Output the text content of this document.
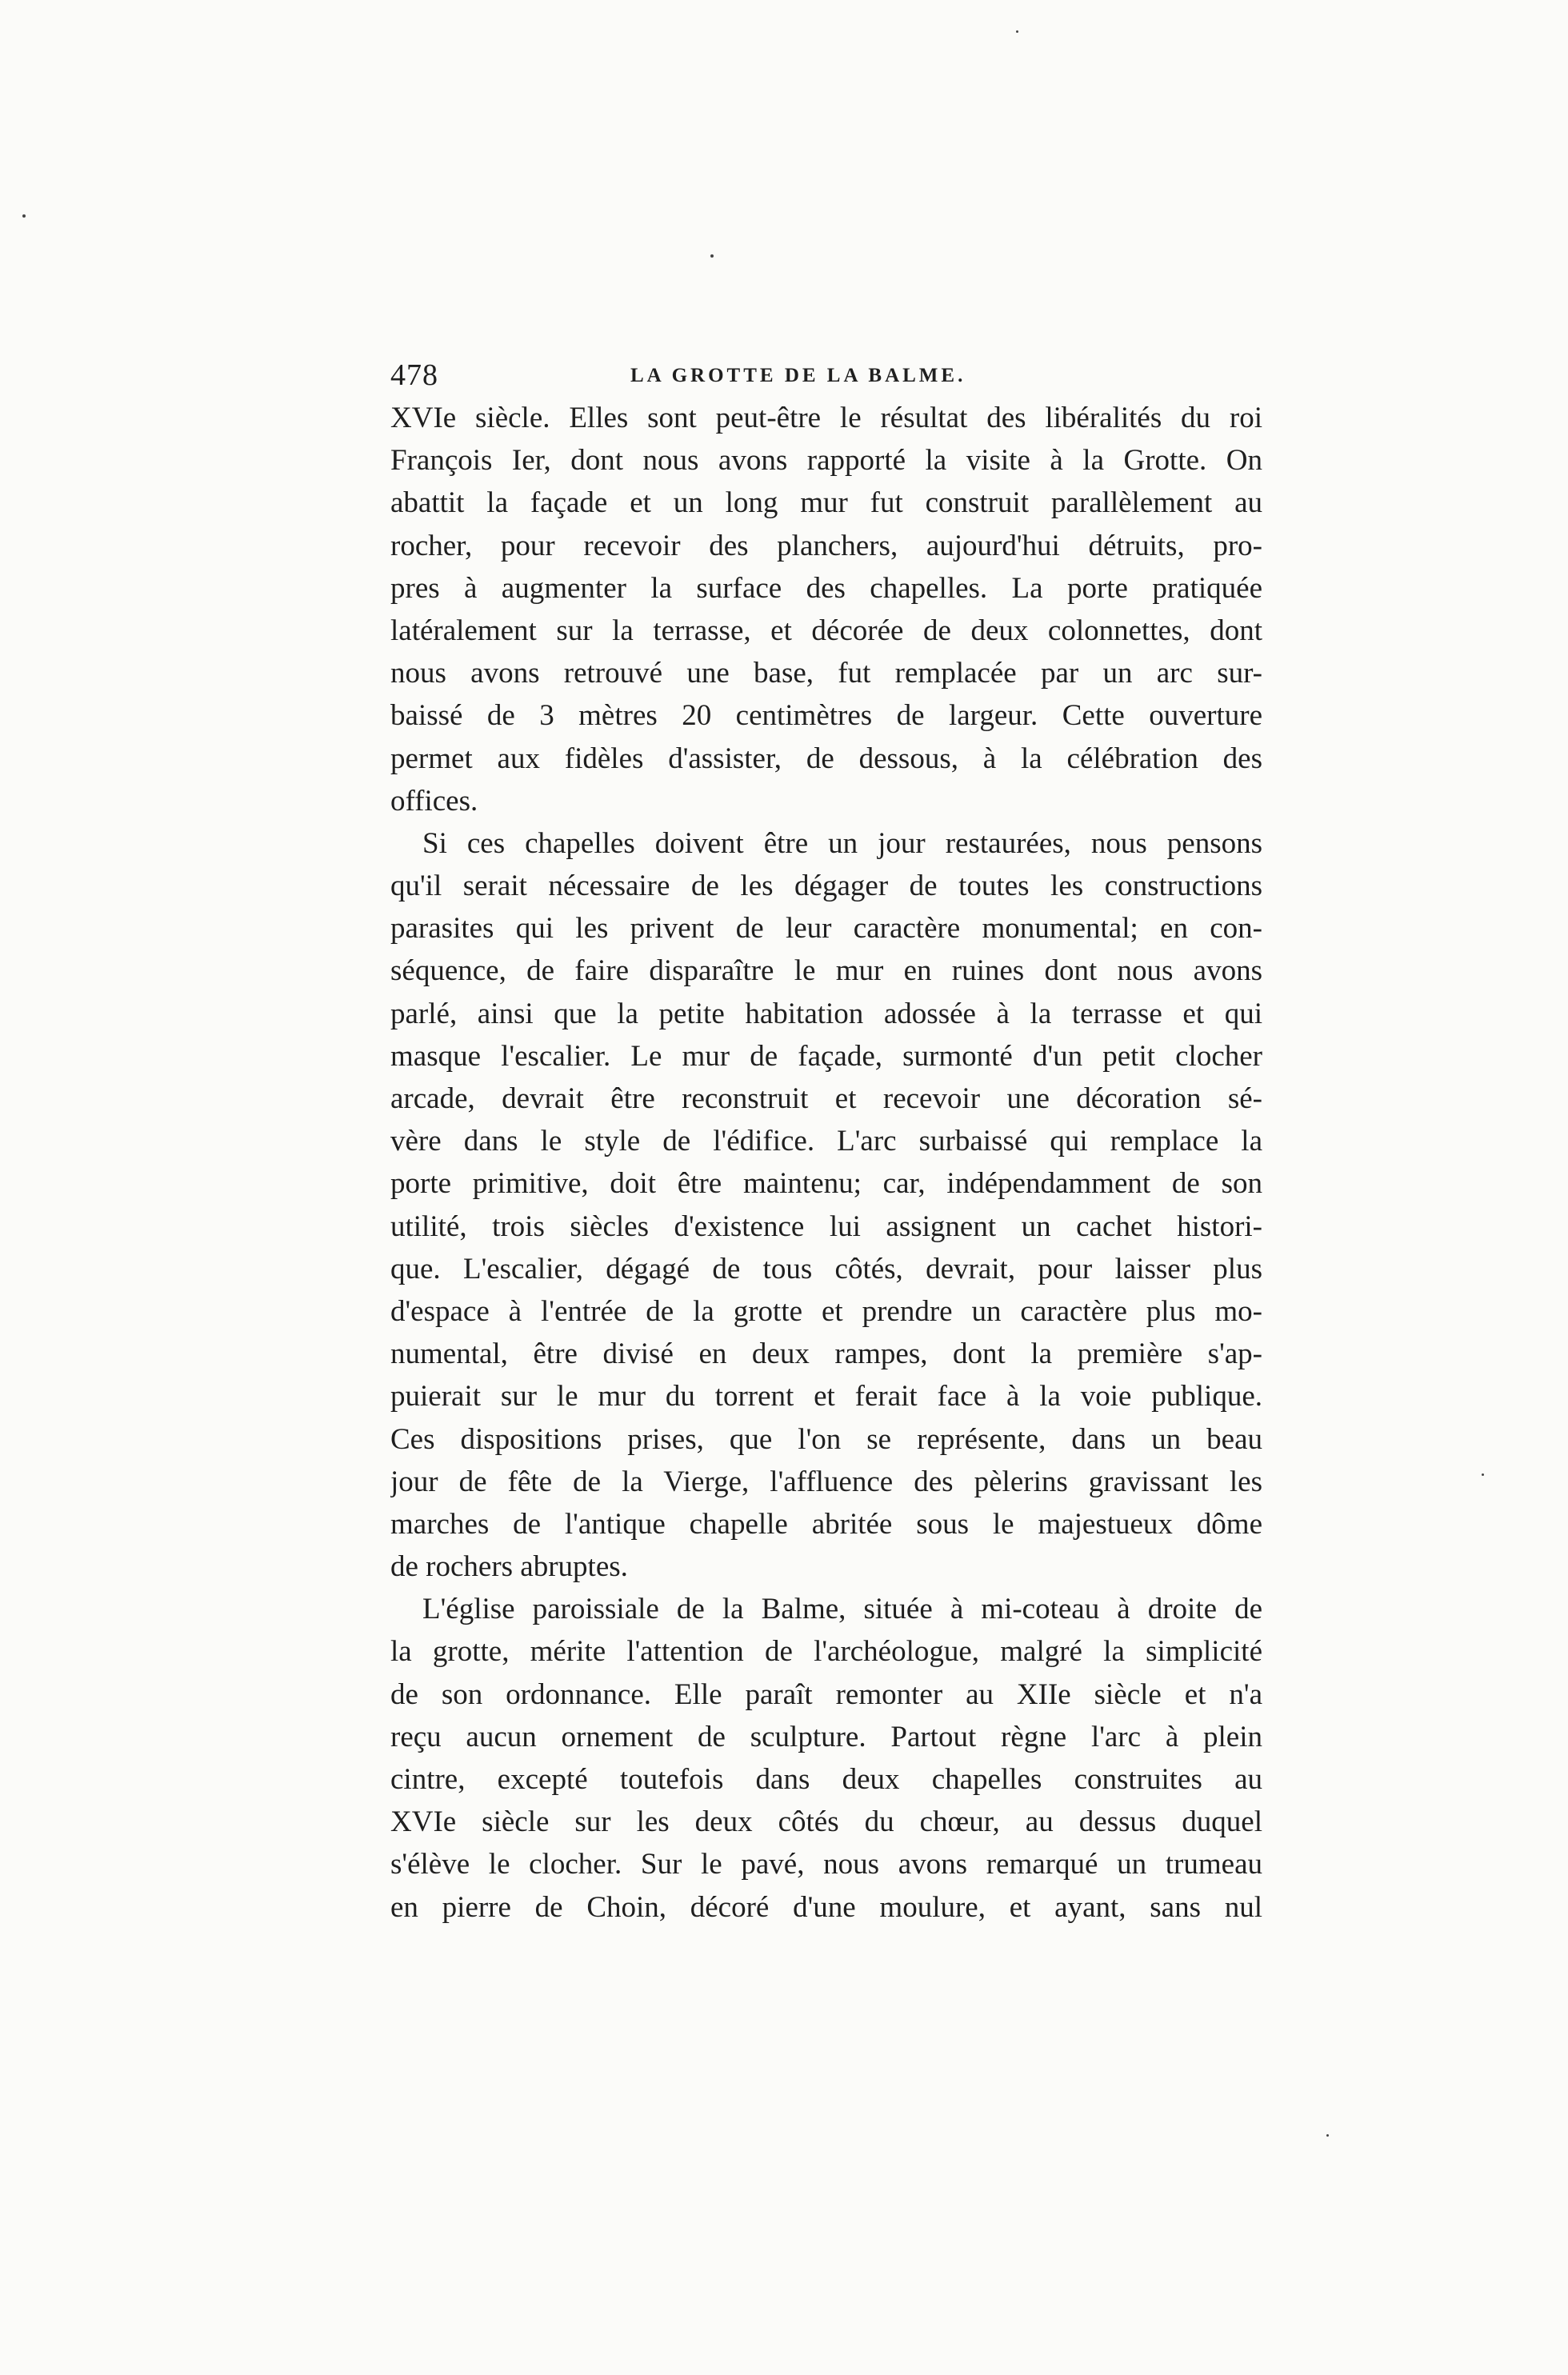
478	LA GROTTE DE LA BALME.
XVIe siècle. Elles sont peut-être le résultat des libéralités du roi
François Ier, dont nous avons rapporté la visite à la Grotte. On
abattit la façade et un long mur fut construit parallèlement au
rocher, pour recevoir des planchers, aujourd'hui détruits, pro-
pres à augmenter la surface des chapelles. La porte pratiquée
latéralement sur la terrasse, et décorée de deux colonnettes, dont
nous avons retrouvé une base, fut remplacée par un arc sur-
baissé de 3 mètres 20 centimètres de largeur. Cette ouverture
permet aux fidèles d'assister, de dessous, à la célébration des
offices.
Si ces chapelles doivent être un jour restaurées, nous pensons
qu'il serait nécessaire de les dégager de toutes les constructions
parasites qui les privent de leur caractère monumental; en con-
séquence, de faire disparaître le mur en ruines dont nous avons
parlé, ainsi que la petite habitation adossée à la terrasse et qui
masque l'escalier. Le mur de façade, surmonté d'un petit clocher
arcade, devrait être reconstruit et recevoir une décoration sé-
vère dans le style de l'édifice. L'arc surbaissé qui remplace la
porte primitive, doit être maintenu; car, indépendamment de son
utilité, trois siècles d'existence lui assignent un cachet histori-
que. L'escalier, dégagé de tous côtés, devrait, pour laisser plus
d'espace à l'entrée de la grotte et prendre un caractère plus mo-
numental, être divisé en deux rampes, dont la première s'ap-
puierait sur le mur du torrent et ferait face à la voie publique.
Ces dispositions prises, que l'on se représente, dans un beau
jour de fête de la Vierge, l'affluence des pèlerins gravissant les
marches de l'antique chapelle abritée sous le majestueux dôme
de rochers abruptes.
L'église paroissiale de la Balme, située à mi-coteau à droite de
la grotte, mérite l'attention de l'archéologue, malgré la simplicité
de son ordonnance. Elle paraît remonter au XIIe siècle et n'a
reçu aucun ornement de sculpture. Partout règne l'arc à plein
cintre, excepté toutefois dans deux chapelles construites au
XVIe siècle sur les deux côtés du chœur, au dessus duquel
s'élève le clocher. Sur le pavé, nous avons remarqué un trumeau
en pierre de Choin, décoré d'une moulure, et ayant, sans nul
